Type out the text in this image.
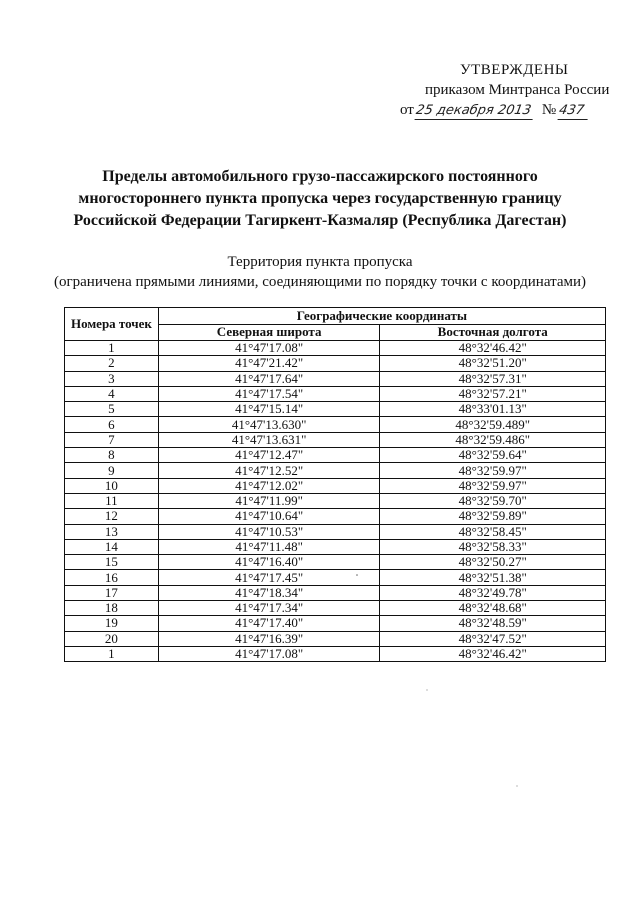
УТВЕРЖДЕНЫ
приказом Минтранса России
от 25 декабря 2013 № 437
Пределы автомобильного грузо-пассажирского постоянного
многостороннего пункта пропуска через государственную границу
Российской Федерации Тагиркент-Казмаляр (Республика Дагестан)
Территория пункта пропуска
(ограничена прямыми линиями, соединяющими по порядку точки с координатами)
Номера точек	Географические координаты	
	Северная широта	Восточная долгота
1	41°47'17.08"	48°32'46.42"
2	41°47'21.42"	48°32'51.20"
3	41°47'17.64"	48°32'57.31"
4	41°47'17.54"	48°32'57.21"
5	41°47'15.14"	48°33'01.13"
6	41°47'13.630"	48°32'59.489"
7	41°47'13.631"	48°32'59.486"
8	41°47'12.47"	48°32'59.64"
9	41°47'12.52"	48°32'59.97"
10	41°47'12.02"	48°32'59.97"
11	41°47'11.99"	48°32'59.70"
12	41°47'10.64"	48°32'59.89"
13	41°47'10.53"	48°32'58.45"
14	41°47'11.48"	48°32'58.33"
15	41°47'16.40"	48°32'50.27"
16	41°47'17.45"	48°32'51.38"
17	41°47'18.34"	48°32'49.78"
18	41°47'17.34"	48°32'48.68"
19	41°47'17.40"	48°32'48.59"
20	41°47'16.39"	48°32'47.52"
1	41°47'17.08"	48°32'46.42"
